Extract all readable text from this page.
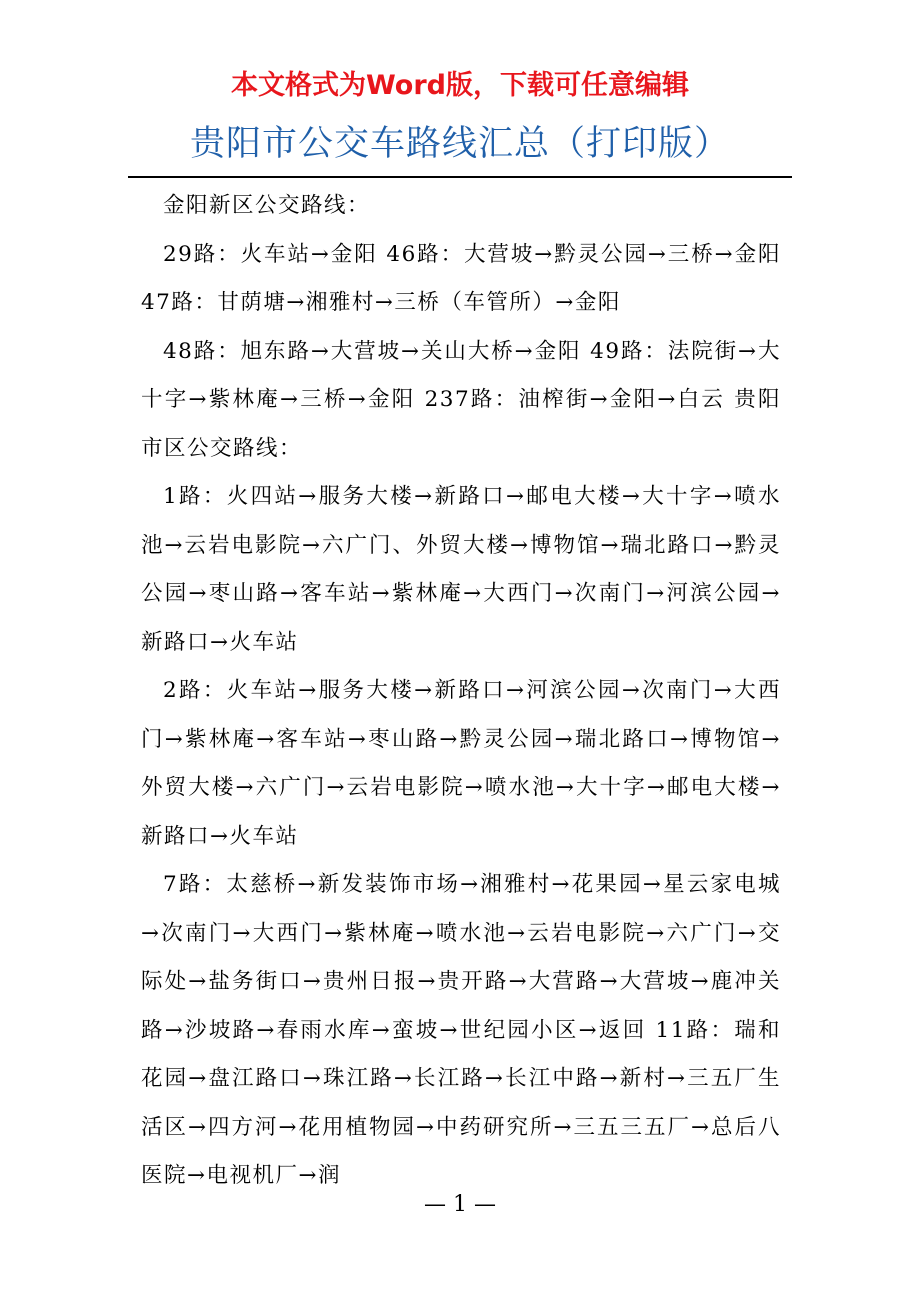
本文格式为Word版，下载可任意编辑
贵阳市公交车路线汇总（打印版）

金阳新区公交路线：

29路：火车站→金阳 46路：大营坡→黔灵公园→三桥→金阳 47路：甘荫塘→湘雅村→三桥（车管所）→金阳

48路：旭东路→大营坡→关山大桥→金阳 49路：法院街→大十字→紫林庵→三桥→金阳 237路：油榨街→金阳→白云 贵阳市区公交路线：

1路：火四站→服务大楼→新路口→邮电大楼→大十字→喷水池→云岩电影院→六广门、外贸大楼→博物馆→瑞北路口→黔灵公园→枣山路→客车站→紫林庵→大西门→次南门→河滨公园→新路口→火车站

2路：火车站→服务大楼→新路口→河滨公园→次南门→大西门→紫林庵→客车站→枣山路→黔灵公园→瑞北路口→博物馆→外贸大楼→六广门→云岩电影院→喷水池→大十字→邮电大楼→新路口→火车站

7路：太慈桥→新发装饰市场→湘雅村→花果园→星云家电城→次南门→大西门→紫林庵→喷水池→云岩电影院→六广门→交际处→盐务街口→贵州日报→贵开路→大营路→大营坡→鹿冲关路→沙坡路→春雨水库→蛮坡→世纪园小区→返回 11路：瑞和花园→盘江路口→珠江路→长江路→长江中路→新村→三五厂生活区→四方河→花用植物园→中药研究所→三五三五厂→总后八医院→电视机厂→润

— 1 —
